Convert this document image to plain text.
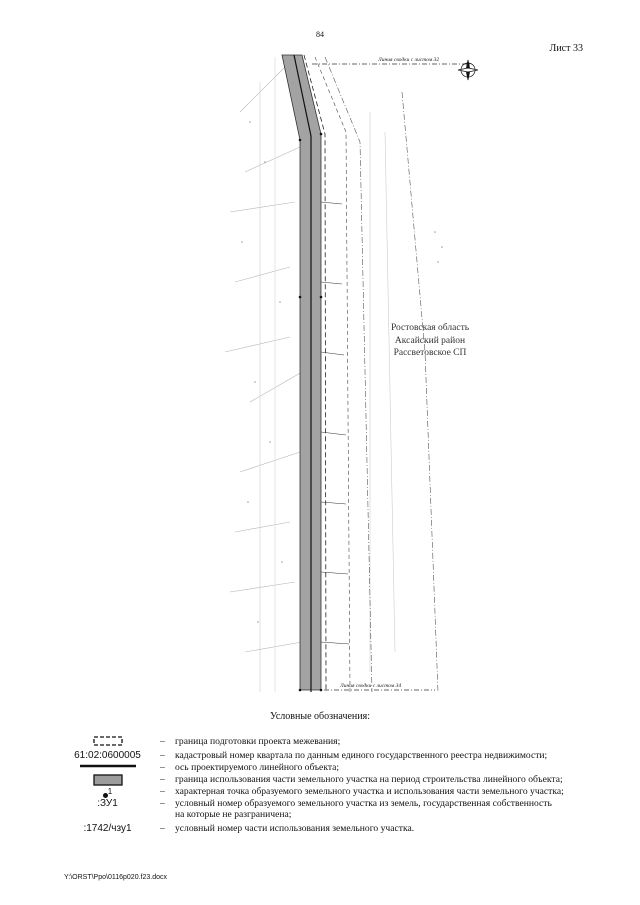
84
Лист 33
Линия сводки с листом 32
Линия сводки с листом 34
Ростовская область
Аксайский район
Рассветовское СП
Условные обозначения:
– граница подготовки проекта межевания;
61:02:0600005	– кадастровый номер квартала по данным единого государственного реестра недвижимости;
– ось проектируемого линейного объекта;
– граница использования части земельного участка на период строительства линейного объекта;
$^1$	– характерная точка образуемого земельного участка и использования части земельного участка;
:ЗУ1	– условный номер образуемого земельного участка из земель, государственная собственность
на которые не разграничена;
:1742/чзу1	– условный номер части использования земельного участка.
Y:\ORST\Ppo\0116p020.f23.docx
